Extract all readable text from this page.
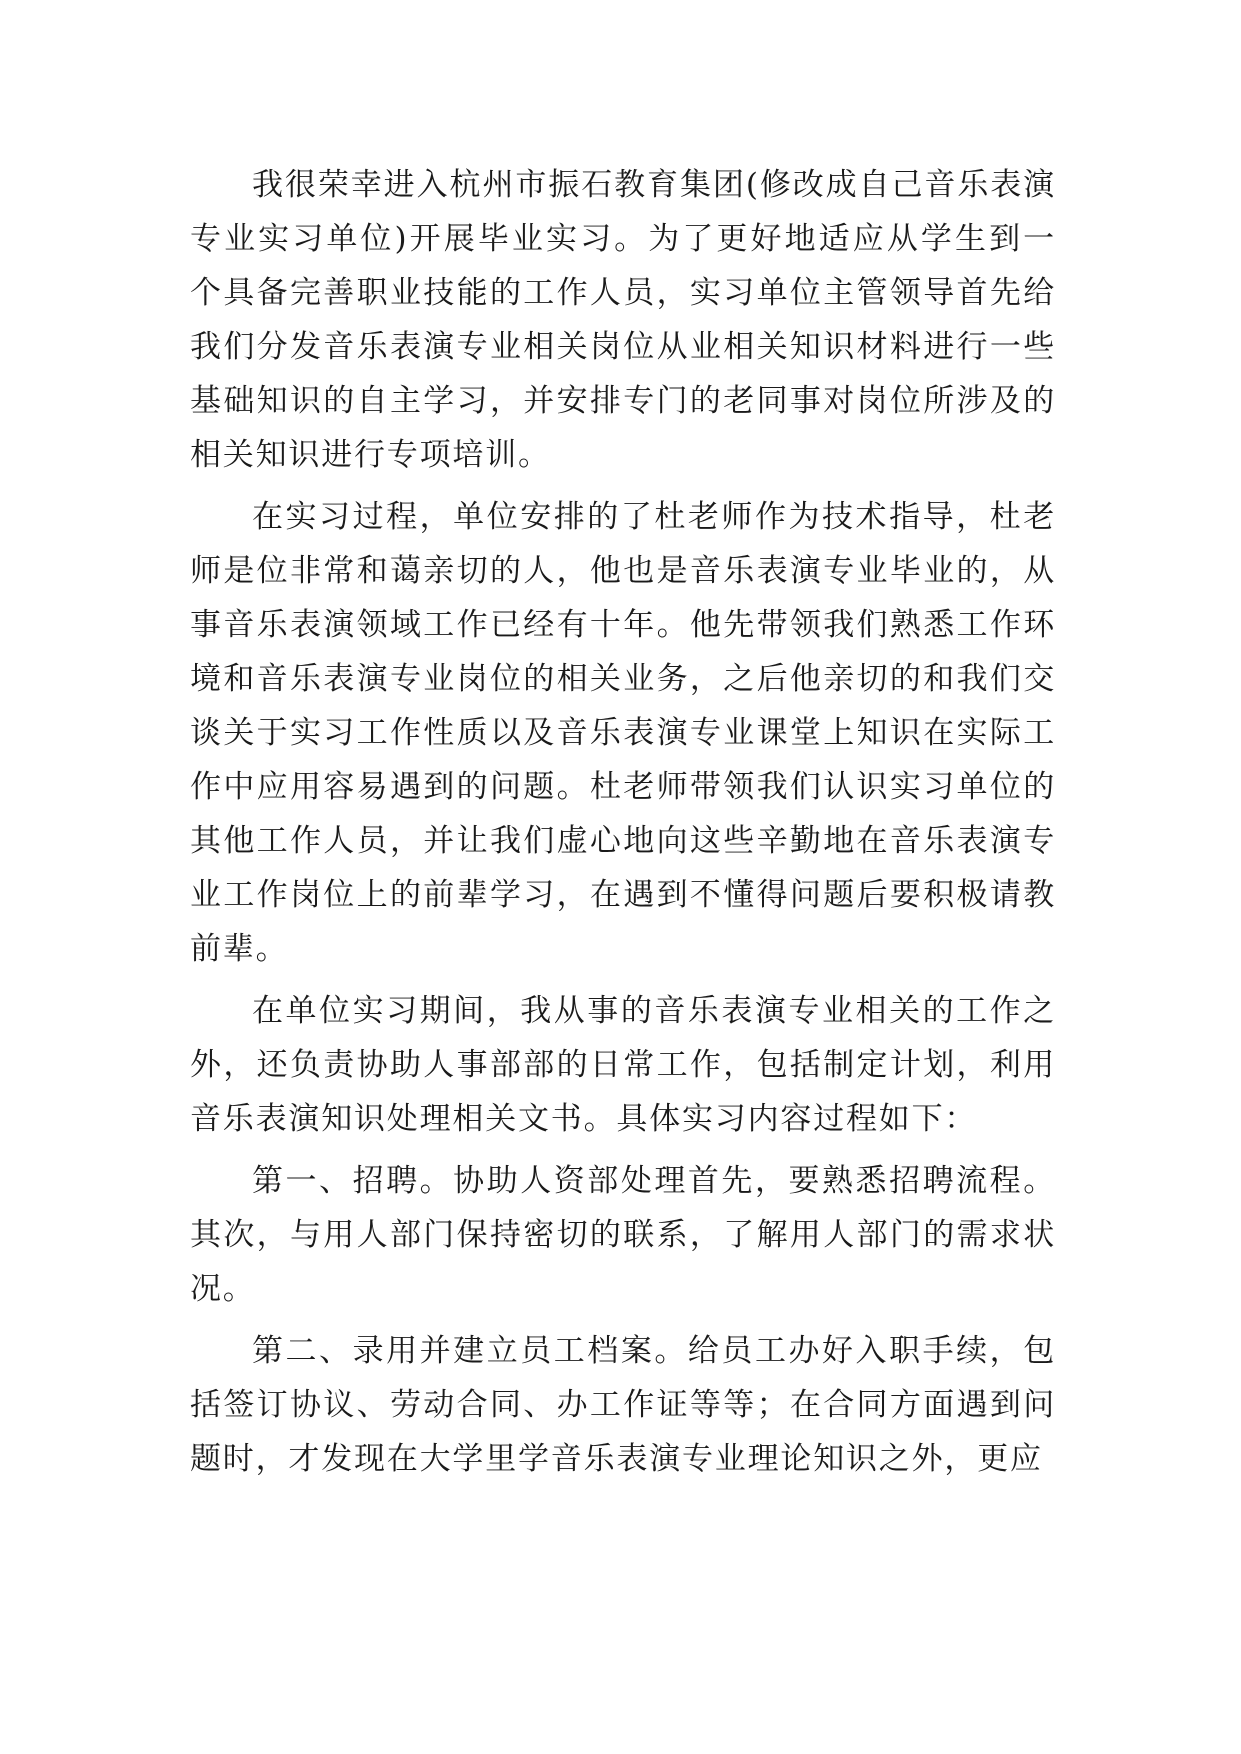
我很荣幸进入杭州市振石教育集团(修改成自己音乐表演专业实习单位)开展毕业实习。为了更好地适应从学生到一个具备完善职业技能的工作人员，实习单位主管领导首先给我们分发音乐表演专业相关岗位从业相关知识材料进行一些基础知识的自主学习，并安排专门的老同事对岗位所涉及的相关知识进行专项培训。

在实习过程，单位安排的了杜老师作为技术指导，杜老师是位非常和蔼亲切的人，他也是音乐表演专业毕业的，从事音乐表演领域工作已经有十年。他先带领我们熟悉工作环境和音乐表演专业岗位的相关业务，之后他亲切的和我们交谈关于实习工作性质以及音乐表演专业课堂上知识在实际工作中应用容易遇到的问题。杜老师带领我们认识实习单位的其他工作人员，并让我们虚心地向这些辛勤地在音乐表演专业工作岗位上的前辈学习，在遇到不懂得问题后要积极请教前辈。

在单位实习期间，我从事的音乐表演专业相关的工作之外，还负责协助人事部部的日常工作，包括制定计划，利用音乐表演知识处理相关文书。具体实习内容过程如下：

第一、招聘。协助人资部处理首先，要熟悉招聘流程。其次，与用人部门保持密切的联系，了解用人部门的需求状况。

第二、录用并建立员工档案。给员工办好入职手续，包括签订协议、劳动合同、办工作证等等；在合同方面遇到问题时，才发现在大学里学音乐表演专业理论知识之外，更应
